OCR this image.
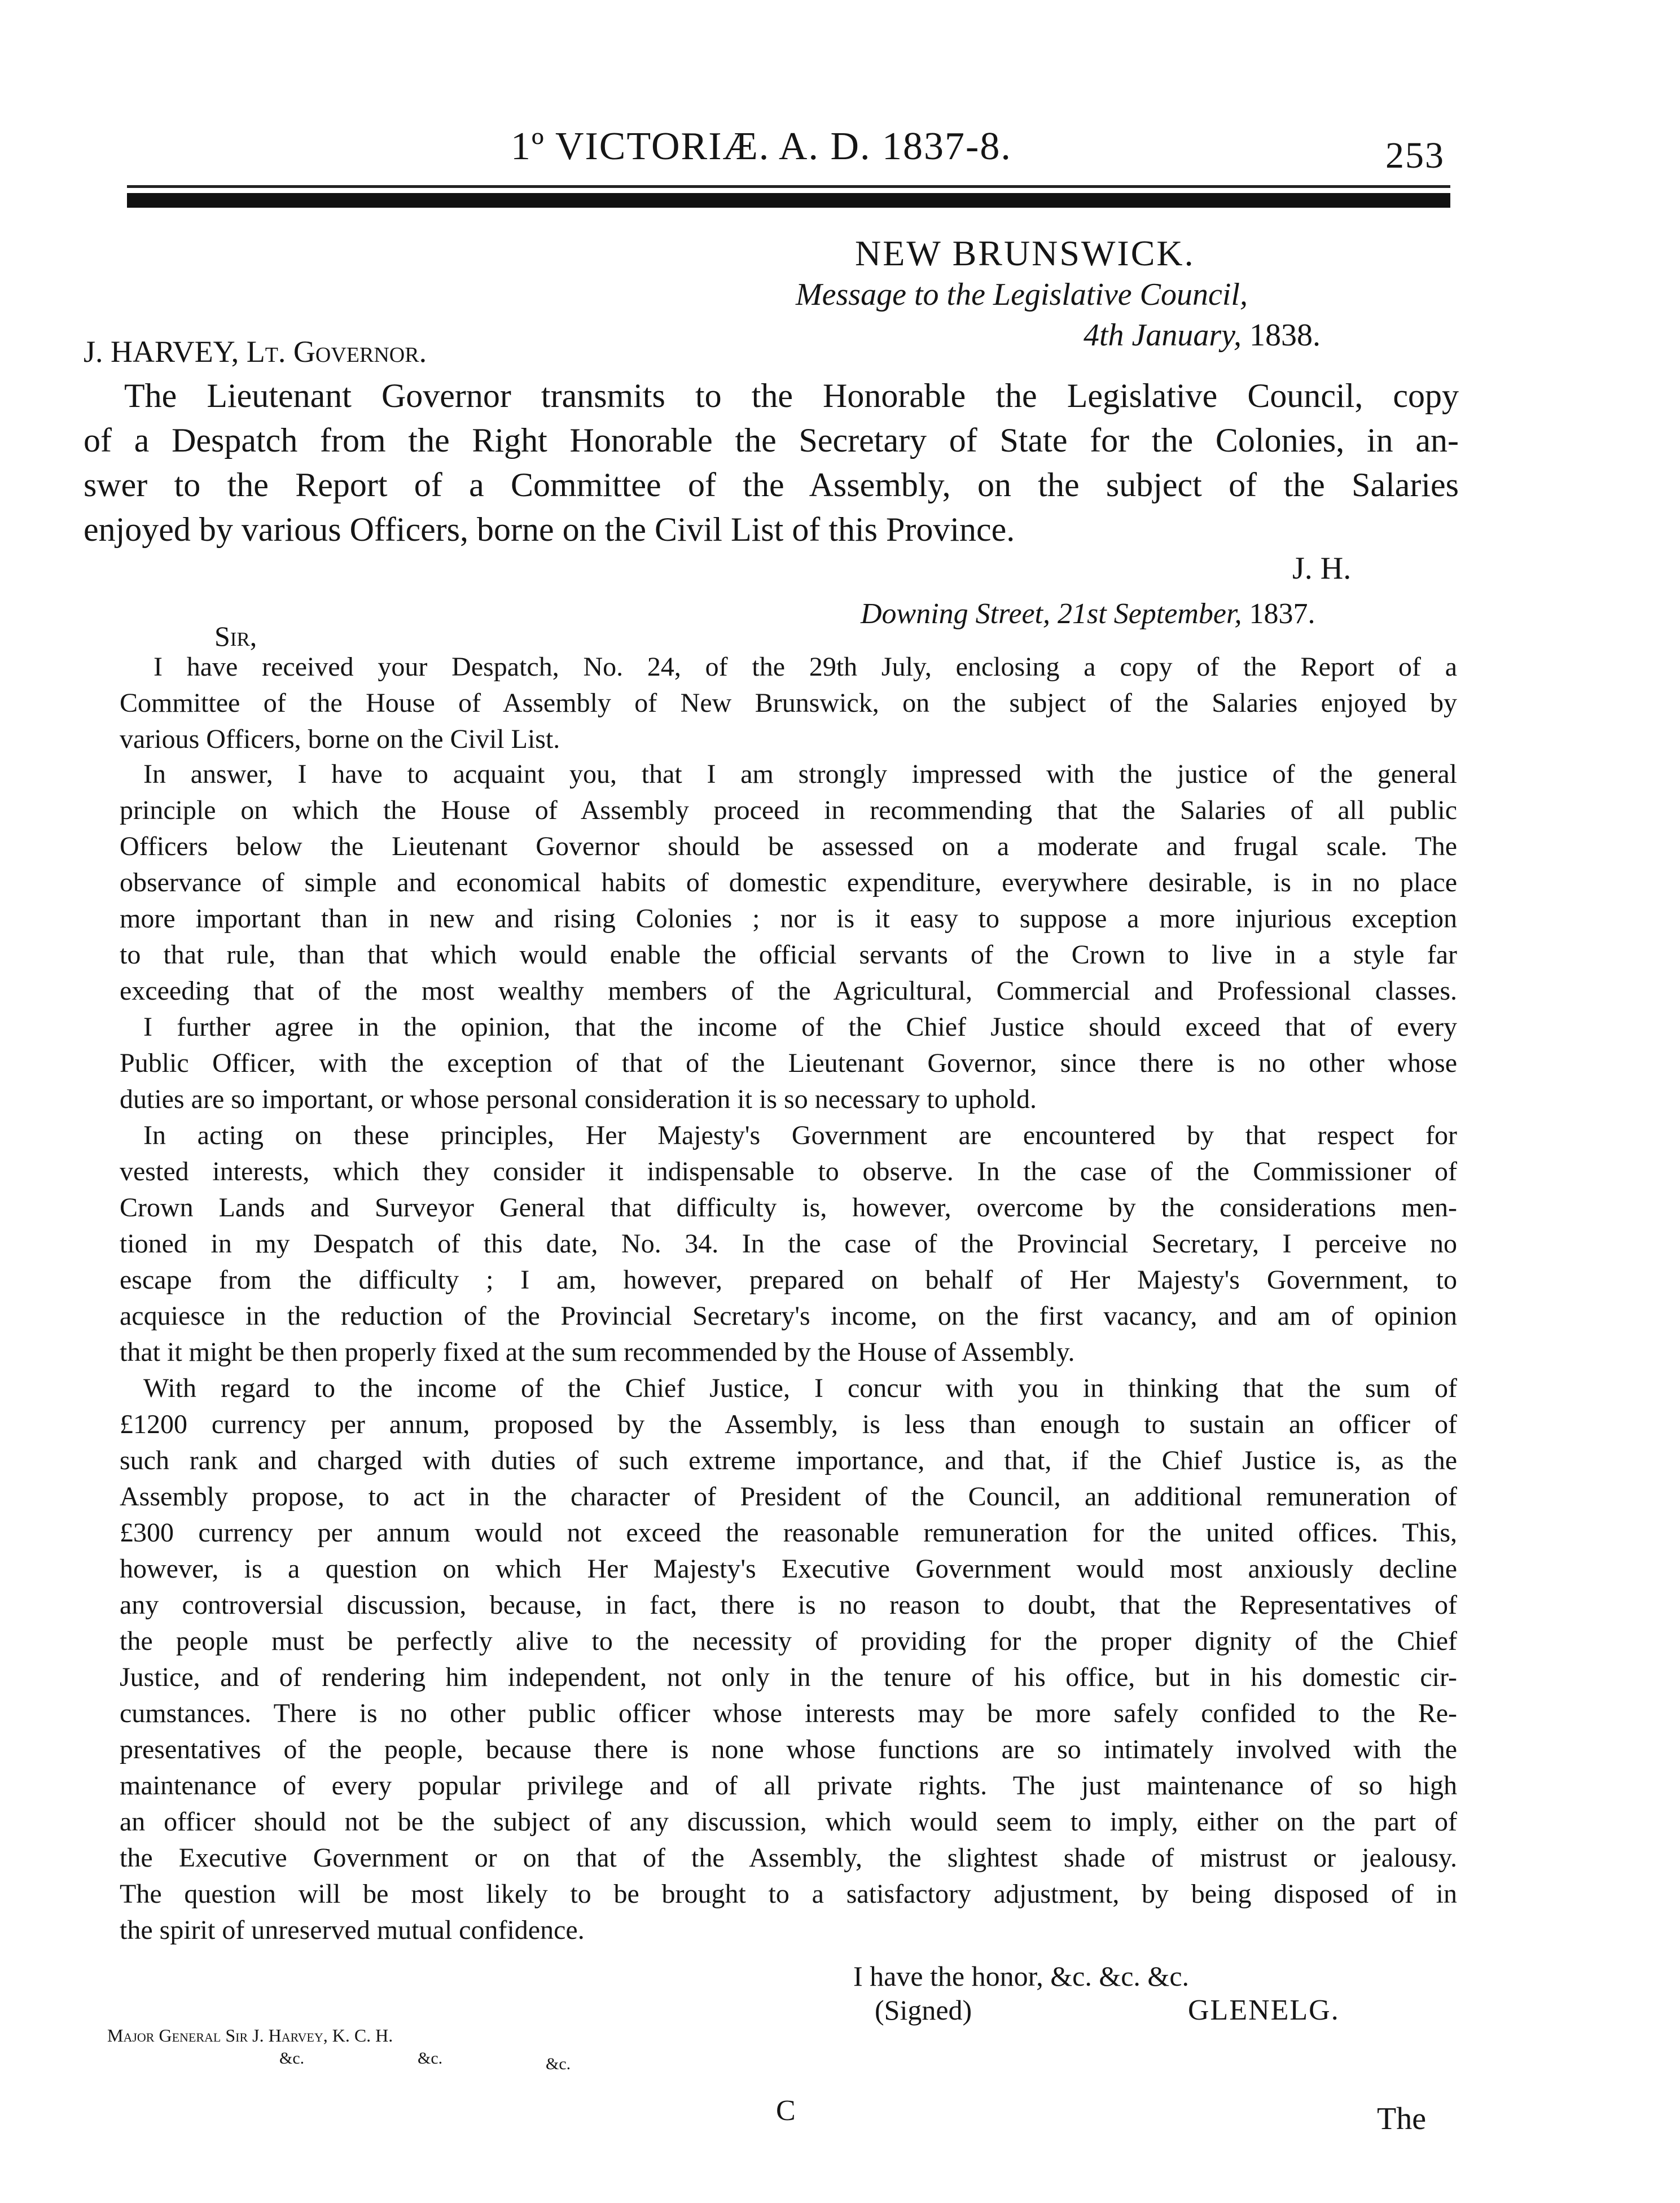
1º VICTORIÆ. A. D. 1837-8.	253
NEW BRUNSWICK.
Message to the Legislative Council,
4th January, 1838.
J. HARVEY, Lt. Governor.
The Lieutenant Governor transmits to the Honorable the Legislative Council, copy
of a Despatch from the Right Honorable the Secretary of State for the Colonies, in an-
swer to the Report of a Committee of the Assembly, on the subject of the Salaries
enjoyed by various Officers, borne on the Civil List of this Province.
J. H.
Downing Street, 21st September, 1837.
Sir,
I have received your Despatch, No. 24, of the 29th July, enclosing a copy of the Report of a
Committee of the House of Assembly of New Brunswick, on the subject of the Salaries enjoyed by
various Officers, borne on the Civil List.
In answer, I have to acquaint you, that I am strongly impressed with the justice of the general
principle on which the House of Assembly proceed in recommending that the Salaries of all public
Officers below the Lieutenant Governor should be assessed on a moderate and frugal scale. The
observance of simple and economical habits of domestic expenditure, everywhere desirable, is in no place
more important than in new and rising Colonies ; nor is it easy to suppose a more injurious exception
to that rule, than that which would enable the official servants of the Crown to live in a style far
exceeding that of the most wealthy members of the Agricultural, Commercial and Professional classes.
I further agree in the opinion, that the income of the Chief Justice should exceed that of every
Public Officer, with the exception of that of the Lieutenant Governor, since there is no other whose
duties are so important, or whose personal consideration it is so necessary to uphold.
In acting on these principles, Her Majesty's Government are encountered by that respect for
vested interests, which they consider it indispensable to observe. In the case of the Commissioner of
Crown Lands and Surveyor General that difficulty is, however, overcome by the considerations men-
tioned in my Despatch of this date, No. 34. In the case of the Provincial Secretary, I perceive no
escape from the difficulty ; I am, however, prepared on behalf of Her Majesty's Government, to
acquiesce in the reduction of the Provincial Secretary's income, on the first vacancy, and am of opinion
that it might be then properly fixed at the sum recommended by the House of Assembly.
With regard to the income of the Chief Justice, I concur with you in thinking that the sum of
£1200 currency per annum, proposed by the Assembly, is less than enough to sustain an officer of
such rank and charged with duties of such extreme importance, and that, if the Chief Justice is, as the
Assembly propose, to act in the character of President of the Council, an additional remuneration of
£300 currency per annum would not exceed the reasonable remuneration for the united offices. This,
however, is a question on which Her Majesty's Executive Government would most anxiously decline
any controversial discussion, because, in fact, there is no reason to doubt, that the Representatives of
the people must be perfectly alive to the necessity of providing for the proper dignity of the Chief
Justice, and of rendering him independent, not only in the tenure of his office, but in his domestic cir-
cumstances. There is no other public officer whose interests may be more safely confided to the Re-
presentatives of the people, because there is none whose functions are so intimately involved with the
maintenance of every popular privilege and of all private rights. The just maintenance of so high
an officer should not be the subject of any discussion, which would seem to imply, either on the part of
the Executive Government or on that of the Assembly, the slightest shade of mistrust or jealousy.
The question will be most likely to be brought to a satisfactory adjustment, by being disposed of in
the spirit of unreserved mutual confidence.
I have the honor, &c. &c. &c.
(Signed)	GLENELG.
Major General Sir J. Harvey, K. C. H.
&c.	&c.	&c.
C	The
